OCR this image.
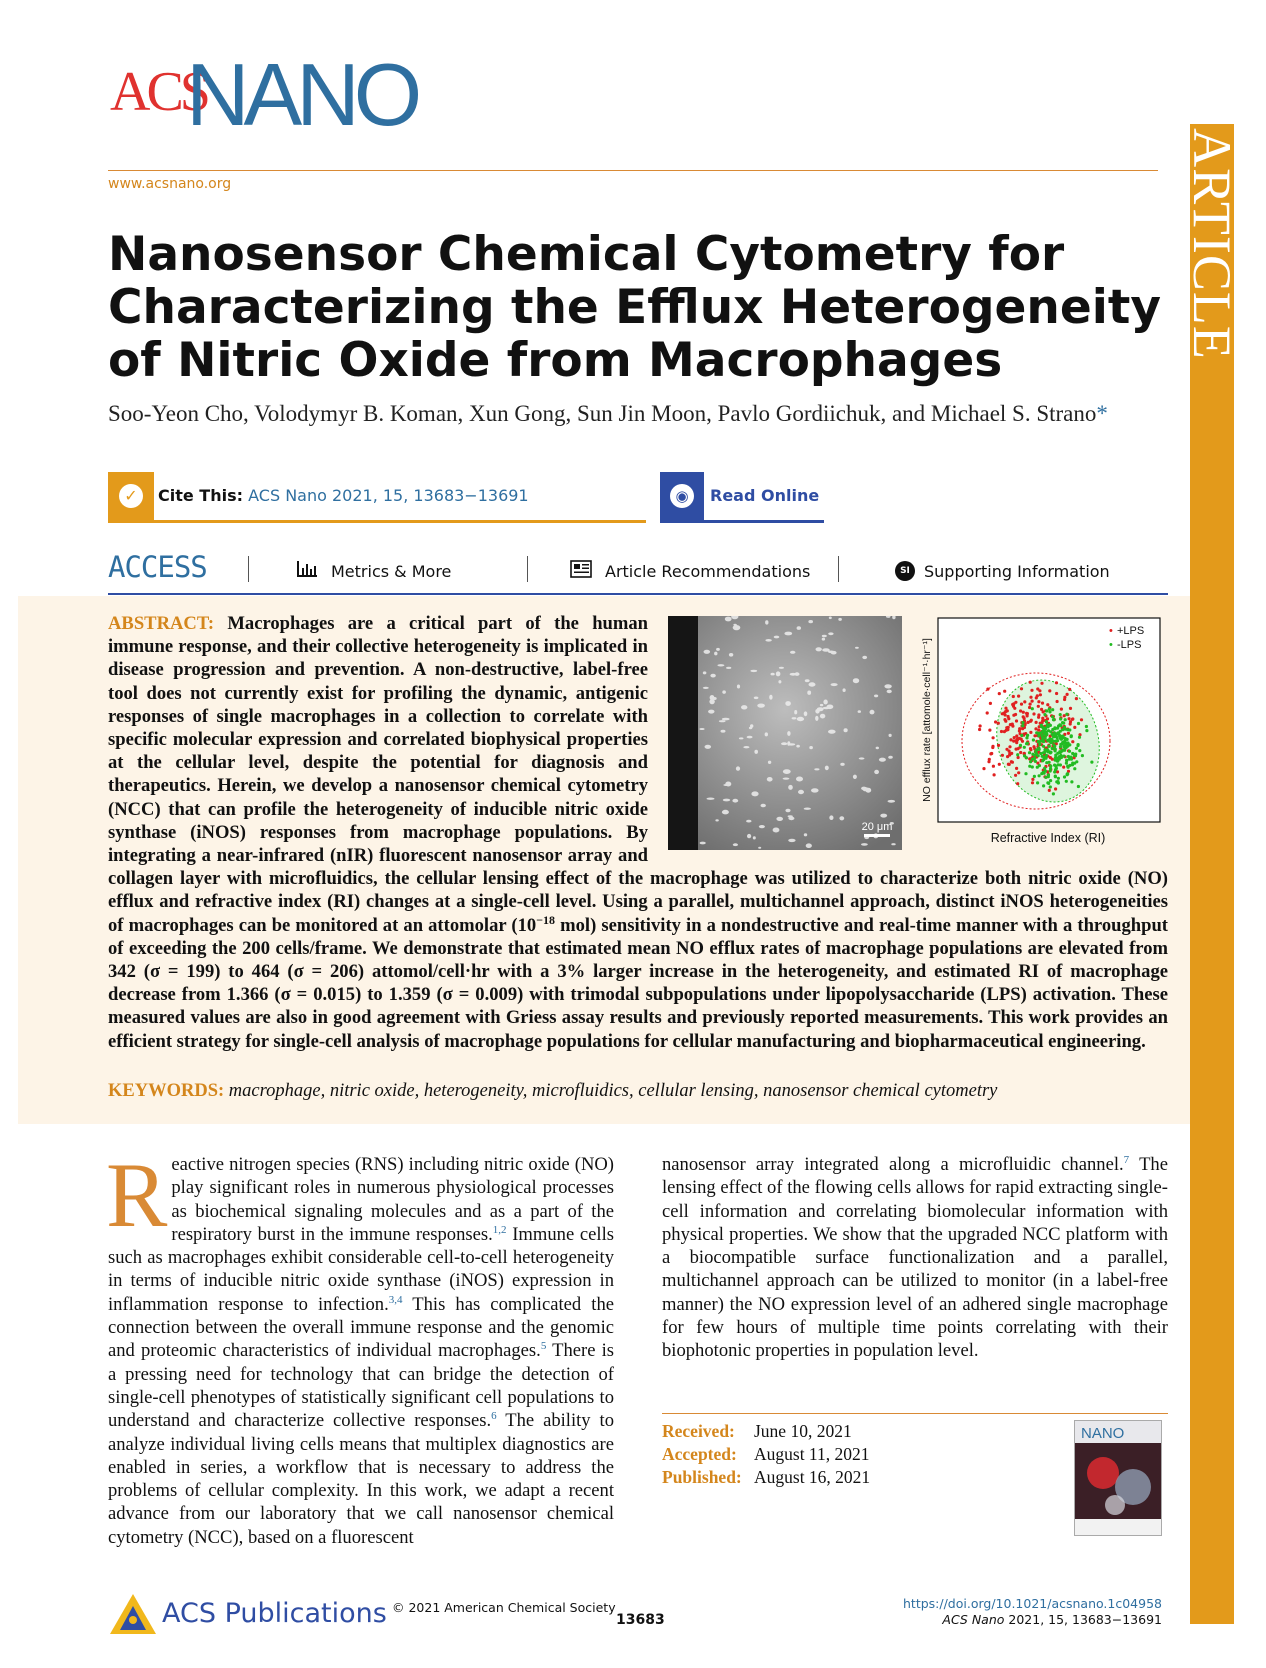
ACS
NANO
www.acsnano.org	ARTICLE
Nanosensor Chemical Cytometry for Characterizing the Efflux Heterogeneity of Nitric Oxide from Macrophages
Soo-Yeon Cho, Volodymyr B. Koman, Xun Gong, Sun Jin Moon, Pavlo Gordiichuk, and Michael S. Strano*
✓	Cite This: ACS Nano 2021, 15, 13683−13691	◉	Read Online
ACCESS	Metrics & More	Article Recommendations	SI Supporting Information
ABSTRACT: Macrophages are a critical part of the human immune response, and their collective heterogeneity is implicated in disease progression and prevention. A non-destructive, label-free tool does not currently exist for profiling the dynamic, antigenic responses of single macrophages in a collection to correlate with specific molecular expression and correlated biophysical properties at the cellular level, despite the potential for diagnosis and therapeutics. Herein, we develop a nanosensor chemical cytometry (NCC) that can profile the heterogeneity of inducible nitric oxide synthase (iNOS) responses from macrophage populations. By integrating a near-infrared (nIR) fluorescent nanosensor array and collagen layer with microfluidics, the cellular lensing effect of the macrophage was utilized to characterize both nitric oxide (NO) efflux and refractive index (RI) changes at a single-cell level. Using a parallel, multichannel approach, distinct iNOS heterogeneities of macrophages can be monitored at an attomolar ($10^{-18}$ mol) sensitivity in a nondestructive and real-time manner with a throughput of exceeding the 200 cells/frame. We demonstrate that estimated mean NO efflux rates of macrophage populations are elevated from 342 (σ = 199) to 464 (σ = 206) attomol/cell·hr with a 3% larger increase in the heterogeneity, and estimated RI of macrophage decrease from 1.366 (σ = 0.015) to 1.359 (σ = 0.009) with trimodal subpopulations under lipopolysaccharide (LPS) activation. These measured values are also in good agreement with Griess assay results and previously reported measurements. This work provides an efficient strategy for single-cell analysis of macrophage populations for cellular manufacturing and biopharmaceutical engineering.
KEYWORDS: macrophage, nitric oxide, heterogeneity, microfluidics, cellular lensing, nanosensor chemical cytometry
20 μm
• +LPS
• -LPS
Refractive Index (RI)
NO efflux rate [attomole·cell⁻¹·hr⁻¹]
Reactive nitrogen species (RNS) including nitric oxide (NO) play significant roles in numerous physiological processes as biochemical signaling molecules and as a part of the respiratory burst in the immune responses.$^{1,2}$ Immune cells such as macrophages exhibit considerable cell-to-cell heterogeneity in terms of inducible nitric oxide synthase (iNOS) expression in inflammation response to infection.$^{3,4}$ This has complicated the connection between the overall immune response and the genomic and proteomic characteristics of individual macrophages.$^5$ There is a pressing need for technology that can bridge the detection of single-cell phenotypes of statistically significant cell populations to understand and characterize collective responses.$^6$ The ability to analyze individual living cells means that multiplex diagnostics are enabled in series, a workflow that is necessary to address the problems of cellular complexity. In this work, we adapt a recent advance from our laboratory that we call nanosensor chemical cytometry (NCC), based on a fluorescent
nanosensor array integrated along a microfluidic channel.$^7$ The lensing effect of the flowing cells allows for rapid extracting single-cell information and correlating biomolecular information with physical properties. We show that the upgraded NCC platform with a biocompatible surface functionalization and a parallel, multichannel approach can be utilized to monitor (in a label-free manner) the NO expression level of an adhered single macrophage for few hours of multiple time points correlating with their biophotonic properties in population level.
Received: June 10, 2021
Accepted: August 11, 2021
Published: August 16, 2021
NANO
ACS Publications © 2021 American Chemical Society
13683
https://doi.org/10.1021/acsnano.1c04958
ACS Nano 2021, 15, 13683−13691
